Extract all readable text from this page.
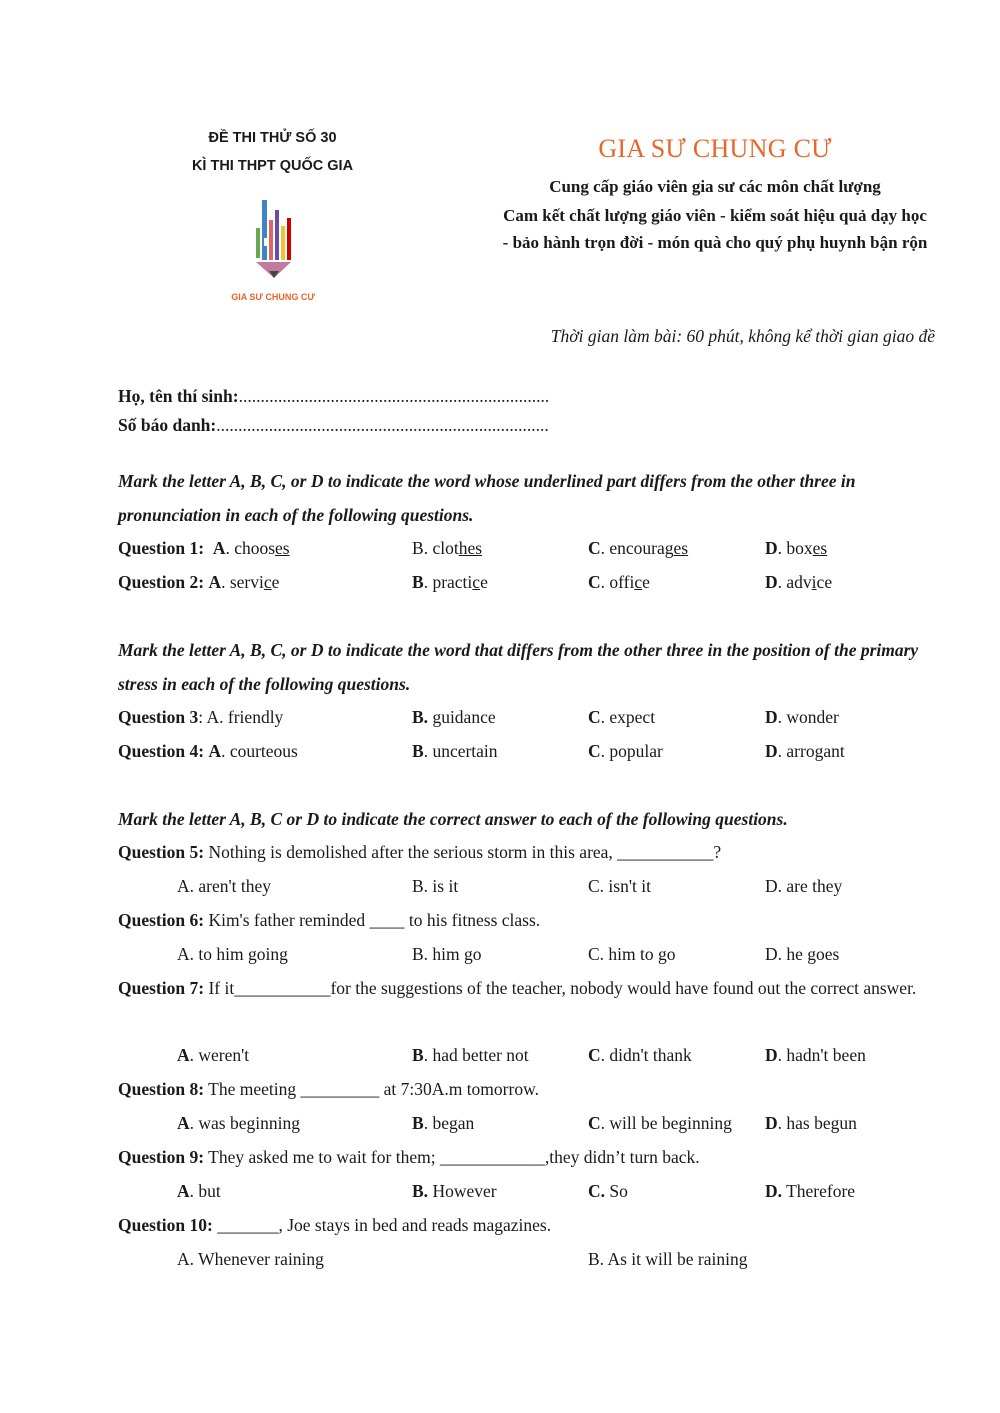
ĐỀ THI THỬ SỐ 30
KÌ THI THPT QUỐC GIA
GIA SƯ CHUNG CƯ
GIA SƯ CHUNG CƯ
Cung cấp giáo viên gia sư các môn chất lượng
Cam kết chất lượng giáo viên - kiểm soát hiệu quả dạy học
- bảo hành trọn đời - món quà cho quý phụ huynh bận rộn
Thời gian làm bài: 60 phút, không kể thời gian giao đề
Họ, tên thí sinh:.......................................................................
Số báo danh:............................................................................
Mark the letter A, B, C, or D to indicate the word whose underlined part differs from the other three in pronunciation in each of the following questions.
Question 1: A. chooses	B. clothes	C. encourages	D. boxes
Question 2: A. service	B. practice	C. office	D. advice
Mark the letter A, B, C, or D to indicate the word that differs from the other three in the position of the primary stress in each of the following questions.
Question 3: A. friendly	B. guidance	C. expect	D. wonder
Question 4: A. courteous	B. uncertain	C. popular	D. arrogant
Mark the letter A, B, C or D to indicate the correct answer to each of the following questions.
Question 5: Nothing is demolished after the serious storm in this area, ___________?
A. aren't they	B. is it	C. isn't it	D. are they
Question 6: Kim's father reminded ____ to his fitness class.
A. to him going	B. him go	C. him to go	D. he goes
Question 7: If it___________for the suggestions of the teacher, nobody would have found out the correct answer.
A. weren't	B. had better not	C. didn't thank	D. hadn't been
Question 8: The meeting _________ at 7:30A.m tomorrow.
A. was beginning	B. began	C. will be beginning D. has begun
Question 9: They asked me to wait for them; ____________,they didn’t turn back.
A. but	B. However	C. So	D. Therefore
Question 10: _______, Joe stays in bed and reads magazines.
A. Whenever raining	B. As it will be raining
